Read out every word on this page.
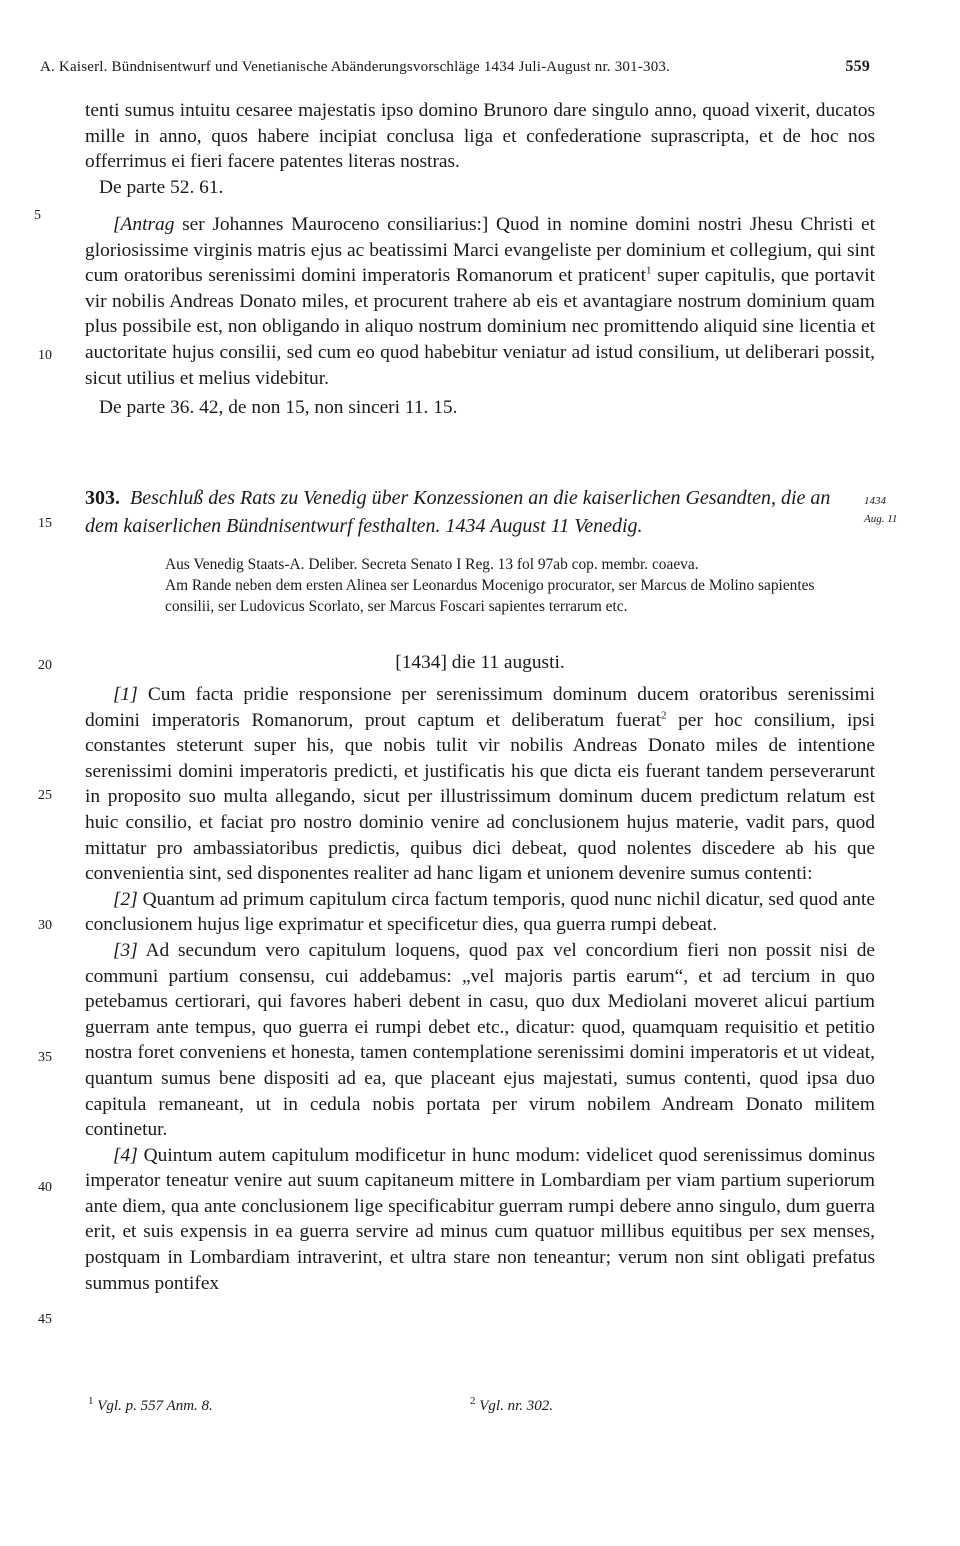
A. Kaiserl. Bündnisentwurf und Venetianische Abänderungsvorschläge 1434 Juli-August nr. 301-303.	559
5
10
15
20
25
30
35
40
45

tenti sumus intuitu cesaree majestatis ipso domino Brunoro dare singulo anno, quoad vixerit, ducatos mille in anno, quos habere incipiat conclusa liga et confederatione suprascripta, et de hoc nos offerrimus ei fieri facere patentes literas nostras.

De parte 52. 61.

[Antrag ser Johannes Mauroceno consiliarius:] Quod in nomine domini nostri Jhesu Christi et gloriosissime virginis matris ejus ac beatissimi Marci evangeliste per dominium et collegium, qui sint cum oratoribus serenissimi domini imperatoris Romanorum et praticent$^1$ super capitulis, que portavit vir nobilis Andreas Donato miles, et procurent trahere ab eis et avantagiare nostrum dominium quam plus possibile est, non obligando in aliquo nostrum dominium nec promittendo aliquid sine licentia et auctoritate hujus consilii, sed cum eo quod habebitur veniatur ad istud consilium, ut deliberari possit, sicut utilius et melius videbitur.

De parte 36. 42, de non 15, non sinceri 11. 15.

303. Beschluß des Rats zu Venedig über Konzessionen an die kaiserlichen Gesandten, die an dem kaiserlichen Bündnisentwurf festhalten. 1434 August 11 Venedig.
1434
Aug. 11

Aus Venedig Staats-A. Deliber. Secreta Senato I Reg. 13 fol 97ab cop. membr. coaeva.

Am Rande neben dem ersten Alinea ser Leonardus Mocenigo procurator, ser Marcus de Molino sapientes consilii, ser Ludovicus Scorlato, ser Marcus Foscari sapientes terrarum etc.

[1434] die 11 augusti.

[1] Cum facta pridie responsione per serenissimum dominum ducem oratoribus serenissimi domini imperatoris Romanorum, prout captum et deliberatum fuerat$^2$ per hoc consilium, ipsi constantes steterunt super his, que nobis tulit vir nobilis Andreas Donato miles de intentione serenissimi domini imperatoris predicti, et justificatis his que dicta eis fuerant tandem perseverarunt in proposito suo multa allegando, sicut per illustrissimum dominum ducem predictum relatum est huic consilio, et faciat pro nostro dominio venire ad conclusionem hujus materie, vadit pars, quod mittatur pro ambassiatoribus predictis, quibus dici debeat, quod nolentes discedere ab his que convenientia sint, sed disponentes realiter ad hanc ligam et unionem devenire sumus contenti:

[2] Quantum ad primum capitulum circa factum temporis, quod nunc nichil dicatur, sed quod ante conclusionem hujus lige exprimatur et specificetur dies, qua guerra rumpi debeat.

[3] Ad secundum vero capitulum loquens, quod pax vel concordium fieri non possit nisi de communi partium consensu, cui addebamus: „vel majoris partis earum“, et ad tercium in quo petebamus certiorari, qui favores haberi debent in casu, quo dux Mediolani moveret alicui partium guerram ante tempus, quo guerra ei rumpi debet etc., dicatur: quod, quamquam requisitio et petitio nostra foret conveniens et honesta, tamen contemplatione serenissimi domini imperatoris et ut videat, quantum sumus bene dispositi ad ea, que placeant ejus majestati, sumus contenti, quod ipsa duo capitula remaneant, ut in cedula nobis portata per virum nobilem Andream Donato militem continetur.

[4] Quintum autem capitulum modificetur in hunc modum: videlicet quod serenissimus dominus imperator teneatur venire aut suum capitaneum mittere in Lombardiam per viam partium superiorum ante diem, qua ante conclusionem lige specificabitur guerram rumpi debere anno singulo, dum guerra erit, et suis expensis in ea guerra servire ad minus cum quatuor millibus equitibus per sex menses, postquam in Lombardiam intraverint, et ultra stare non teneantur; verum non sint obligati prefatus summus pontifex

$^1$ Vgl. p. 557 Anm. 8.	$^2$ Vgl. nr. 302.
